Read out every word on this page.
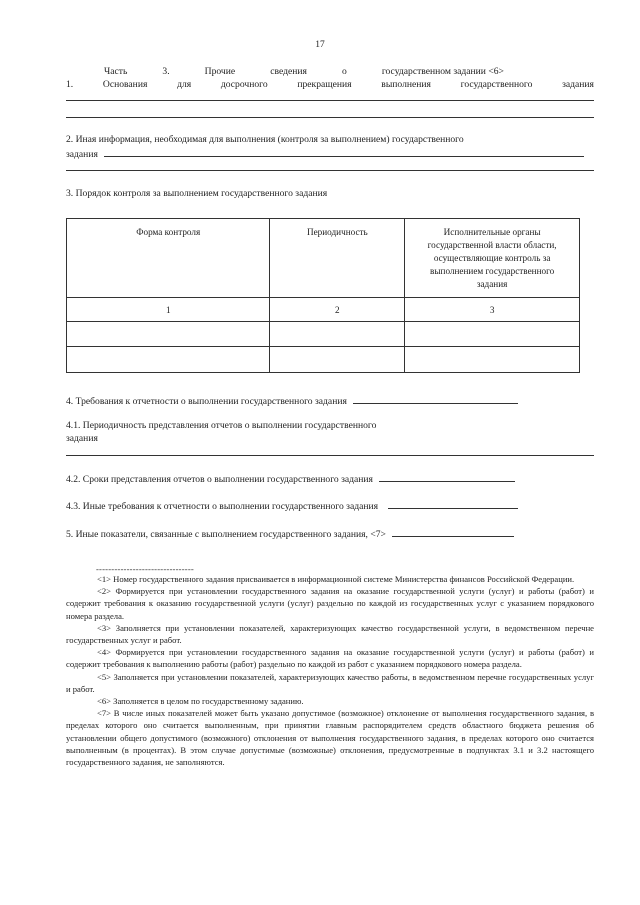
17
Часть	3.	Прочие	сведения	о	государственном задании <6>
1.	Основания	для	досрочного	прекращения	выполнения	государственного	задания
2. Иная информация, необходимая для выполнения (контроля за выполнением) государственного
задания
3. Порядок контроля за выполнением государственного задания
Форма контроля	Периодичность	Исполнительные органы государственной власти области, осуществляющие контроль за выполнением государственного задания
1	2	3

4. Требования к отчетности о выполнении государственного задания
4.1. Периодичность представления отчетов о выполнении государственного
задания
4.2. Сроки представления отчетов о выполнении государственного задания
4.3. Иные требования к отчетности о выполнении государственного задания
5. Иные показатели, связанные с выполнением государственного задания, <7>
--------------------------------

<1> Номер государственного задания присваивается в информационной системе Министерства финансов Российской Федерации.

<2> Формируется при установлении государственного задания на оказание государственной услуги (услуг) и работы (работ) и содержит требования к оказанию государственной услуги (услуг) раздельно по каждой из государственных услуг с указанием порядкового номера раздела.

<3> Заполняется при установлении показателей, характеризующих качество государственной услуги, в ведомственном перечне государственных услуг и работ.

<4> Формируется при установлении государственного задания на оказание государственной услуги (услуг) и работы (работ) и содержит требования к выполнению работы (работ) раздельно по каждой из работ с указанием порядкового номера раздела.

<5> Заполняется при установлении показателей, характеризующих качество работы, в ведомственном перечне государственных услуг и работ.

<6> Заполняется в целом по государственному заданию.

<7> В числе иных показателей может быть указано допустимое (возможное) отклонение от выполнения государственного задания, в пределах которого оно считается выполненным, при принятии главным распорядителем средств областного бюджета решения об установлении общего допустимого (возможного) отклонения от выполнения государственного задания, в пределах которого оно считается выполненным (в процентах). В этом случае допустимые (возможные) отклонения, предусмотренные в подпунктах 3.1 и 3.2 настоящего государственного задания, не заполняются.
